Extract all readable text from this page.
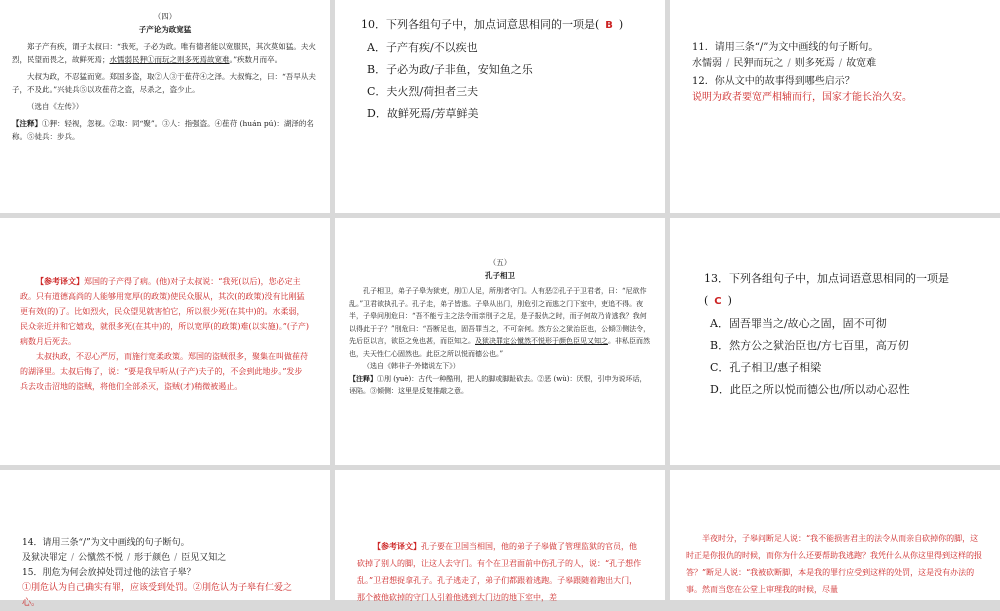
（四）

子产论为政宽猛

郑子产有疾，谓子太叔曰：“我死，子必为政。唯有德者能以宽服民，其次莫如猛。夫火烈，民望而畏之，故鲜死焉；水懦弱民狎①而玩之则多死焉故宽难。”疾数月而卒。

大叔为政，不忍猛而宽。郑国多盗，取②人③于萑苻④之泽。大叔悔之，曰：“吾早从夫子，不及此。”兴徒兵⑤以攻萑苻之盗，尽杀之，盗少止。

（选自《左传》）

【注释】①狎：轻视，忽视。②取：同“聚”。③人：指强盗。④萑苻 (huán pú)：湖泽的名称。⑤徒兵：步兵。

10．下列各组句子中，加点词意思相同的一项是( B )

A．子产有疾/不以疾也

B．子必为政/子非鱼，安知鱼之乐

C．夫火烈/荷担者三夫

D．故鲜死焉/芳草鲜美

11．请用三条“/”为文中画线的句子断句。

水懦弱 / 民狎而玩之 / 则多死焉 / 故宽难

12．你从文中的故事得到哪些启示？

说明为政者要宽严相辅而行，国家才能长治久安。

【参考译文】郑国的子产得了病。(他)对子太叔说：“我死(以后)，您必定主政。只有道德高尚的人能够用宽厚(的政策)使民众服从，其次(的政策)没有比刚猛更有效(的)了。比如烈火，民众望见就害怕它，所以很少死(在其中)的。水柔弱，民众亲近并和它嬉戏，就很多死(在其中)的，所以宽厚(的政策)难(以实施)。”(子产)病数月后死去。

太叔执政，不忍心严厉，而施行宽柔政策。郑国的盗贼很多，聚集在叫做萑苻的湖泽里。太叔后悔了，说：“要是我早听从(子产)夫子的，不会到此地步。”发步兵去攻击沼地的盗贼，将他们全部杀灭，盗贼(才)稍微被遏止。

（五）

孔子相卫

孔子相卫，弟子子皋为狱吏，刖①人足，所刖者守门。人有恶②孔子于卫君者，曰：“尼欲作乱。”卫君欲执孔子。孔子走，弟子皆逃。子皋从出门，刖危引之而逃之门下室中，吏追不得。夜半，子皋问刖危曰：“吾不能亏主之法令而亲刖子之足，是子报仇之时，而子何故乃肯逃我？我何以得此于子？”刖危曰：“吾断足也，固吾罪当之，不可奈何。然方公之狱治臣也，公倾③侧法令，先后臣以言，欲臣之免也甚，而臣知之。及狱决罪定公憱然不悦形于颜色臣见又知之。非私臣而然也，夫天性仁心固然也。此臣之所以悦而德公也。”

（选自《韩非子·外储说左下》）

【注释】①刖 (yuè)：古代一种酷刑，把人的脚或脚趾砍去。②恶 (wù)：厌恨，引申为说坏话，诬陷。③倾侧：这里是反复推敲之意。

13．下列各组句子中，加点词语意思相同的一项是( C )

A．固吾罪当之/故心之固，固不可彻

B．然方公之狱治臣也/方七百里，高万仞

C．孔子相卫/惠子相梁

D．此臣之所以悦而德公也/所以动心忍性

14．请用三条“/”为文中画线的句子断句。

及狱决罪定 / 公憱然不悦 / 形于颜色 / 臣见又知之

15．刖危为何会放掉处罚过他的法官子皋？

①刖危认为自己确实有罪，应该受到处罚。②刖危认为子皋有仁爱之心。

【参考译文】孔子要在卫国当相国，他的弟子子皋做了管理监狱的官员，他砍掉了别人的脚，让这人去守门。有个在卫君面前中伤孔子的人，说：“孔子想作乱。”卫君想捉拿孔子。孔子逃走了，弟子们都跟着逃跑。子皋跟随着跑出大门，那个被他砍掉的守门人引着他逃到大门边的地下室中，差

半夜时分，子皋问断足人说：“我不能损害君主的法令从而亲自砍掉你的脚，这时正是你报仇的时候，而你为什么还要帮助我逃跑？我凭什么从你这里得到这样的报答？”断足人说：“我被砍断脚，本是我的罪行应受到这样的处罚，这是没有办法的事。然而当您在公堂上审理我的时候，尽量
